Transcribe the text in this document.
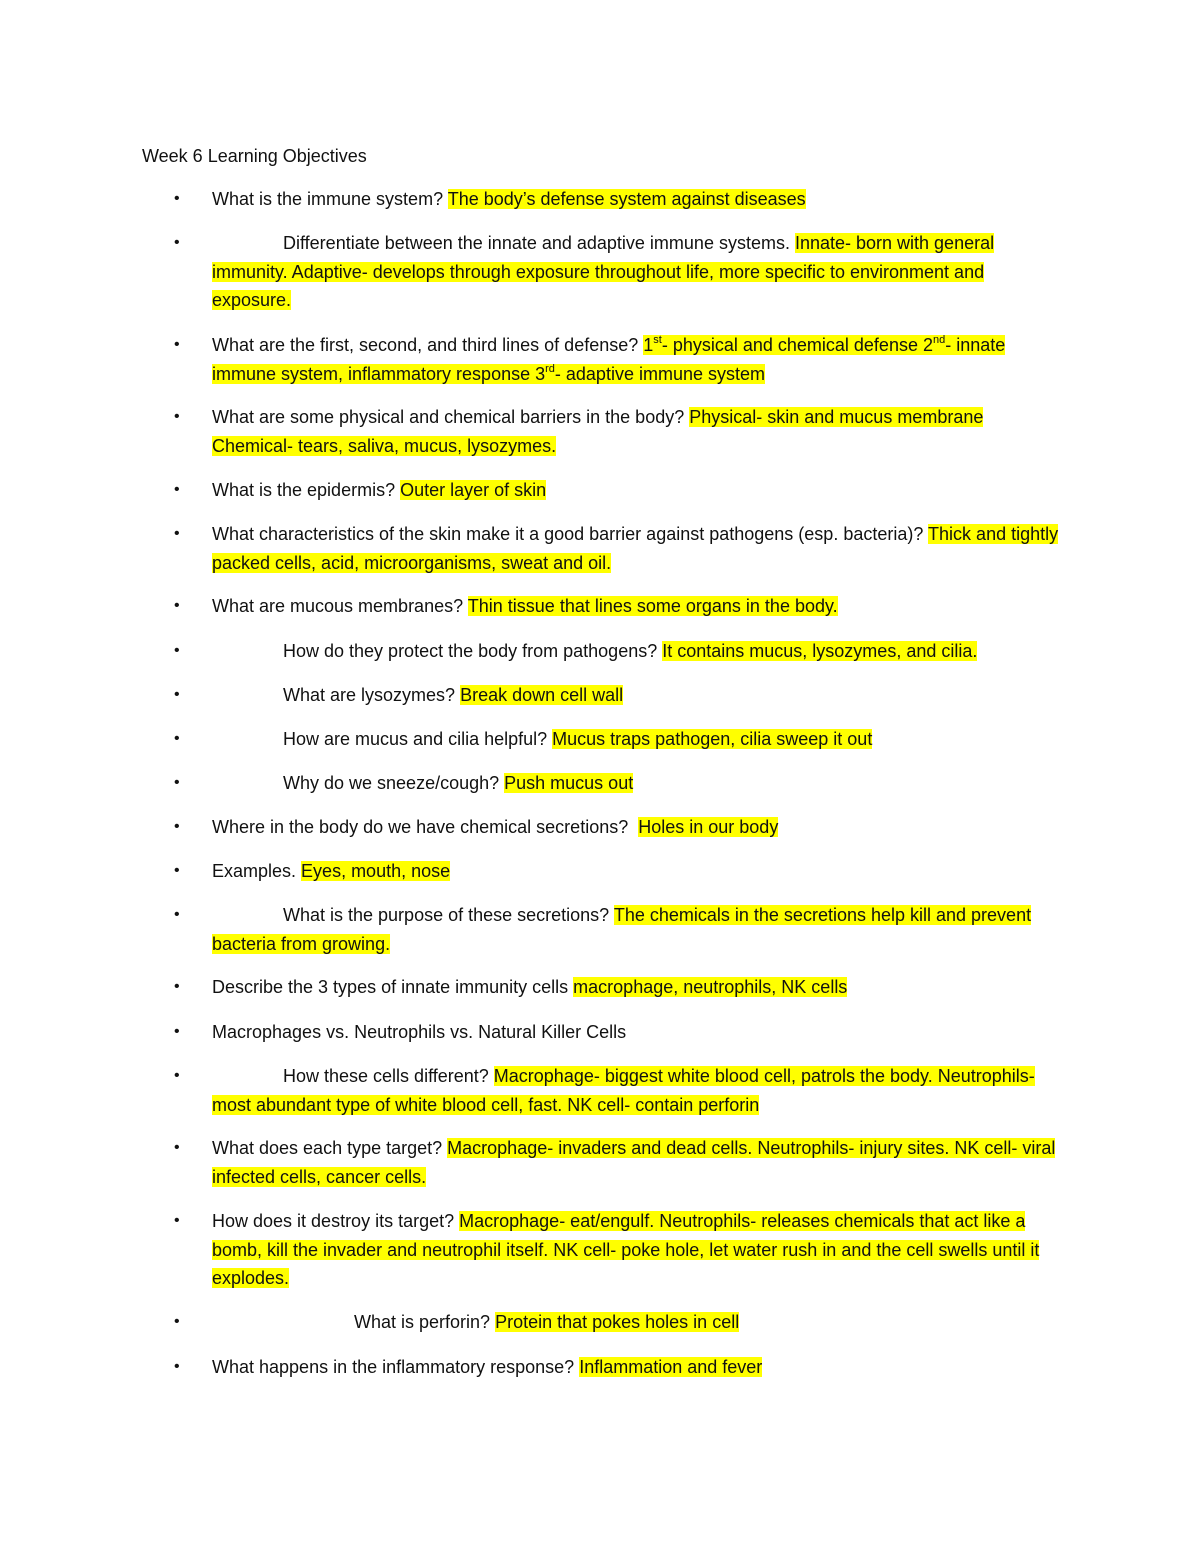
Week 6 Learning Objectives
• What is the immune system? The body’s defense system against diseases
•	Differentiate between the innate and adaptive immune systems. Innate- born with general immunity. Adaptive- develops through exposure throughout life, more specific to environment and exposure.
• What are the first, second, and third lines of defense? 1st- physical and chemical defense 2nd- innate immune system, inflammatory response 3rd- adaptive immune system
• What are some physical and chemical barriers in the body? Physical- skin and mucus membrane Chemical- tears, saliva, mucus, lysozymes.
• What is the epidermis? Outer layer of skin
• What characteristics of the skin make it a good barrier against pathogens (esp. bacteria)? Thick and tightly packed cells, acid, microorganisms, sweat and oil.
• What are mucous membranes? Thin tissue that lines some organs in the body.
•	How do they protect the body from pathogens? It contains mucus, lysozymes, and cilia.
•	What are lysozymes? Break down cell wall
•	How are mucus and cilia helpful? Mucus traps pathogen, cilia sweep it out
•	Why do we sneeze/cough? Push mucus out
• Where in the body do we have chemical secretions?  Holes in our body
• Examples. Eyes, mouth, nose
•	What is the purpose of these secretions? The chemicals in the secretions help kill and prevent bacteria from growing.
• Describe the 3 types of innate immunity cells macrophage, neutrophils, NK cells
• Macrophages vs. Neutrophils vs. Natural Killer Cells
•	How these cells different? Macrophage- biggest white blood cell, patrols the body. Neutrophils- most abundant type of white blood cell, fast. NK cell- contain perforin
• What does each type target? Macrophage- invaders and dead cells. Neutrophils- injury sites. NK cell- viral infected cells, cancer cells.
• How does it destroy its target? Macrophage- eat/engulf. Neutrophils- releases chemicals that act like a bomb, kill the invader and neutrophil itself. NK cell- poke hole, let water rush in and the cell swells until it explodes.
•	What is perforin? Protein that pokes holes in cell
• What happens in the inflammatory response? Inflammation and fever
